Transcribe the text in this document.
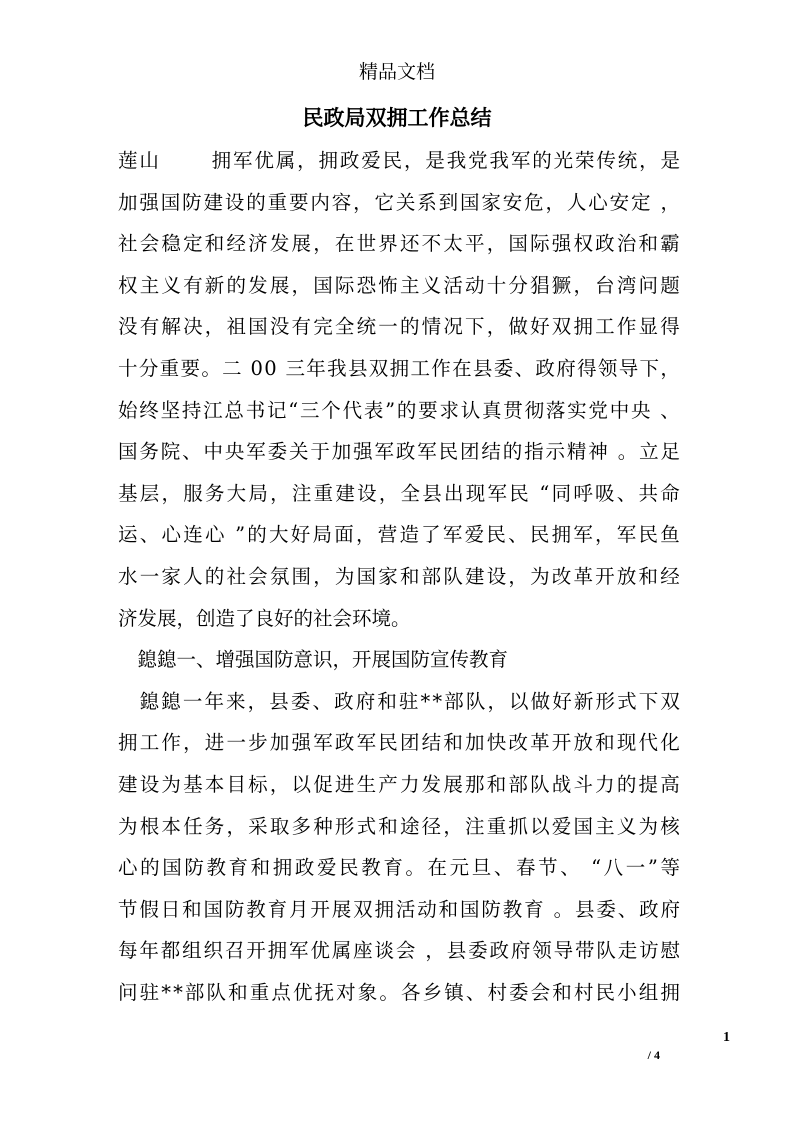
精品文档
民政局双拥工作总结
莲 山

	拥 军 优 属 ， 拥 政 爱 民 ， 是 我 党 我 军 的 光 荣 传 统 ， 是
加 强 国 防 建 设 的 重 要 内 容 ， 它 关 系 到 国 家 安 危 ， 人 心 安 定
，
社 会 稳 定 和 经 济 发 展 ， 在 世 界 还 不 太 平 ， 国 际 强 权 政 治 和 霸
权 主 义 有 新 的 发 展 ， 国 际 恐 怖 主 义 活 动 十 分 猖 獗 ， 台 湾 问 题
没 有 解 决 ， 祖 国 没 有 完 全 统 一 的 情 况 下 ， 做 好 双 拥 工 作 显 得
十 分 重 要 。 二
0 0
三 年 我 县 双 拥 工 作 在 县 委 、 政 府 得 领 导 下 ，
始 终 坚 持 江 总 书 记 “ 三 个 代 表 ” 的 要 求 认 真 贯 彻 落 实 党 中 央
、
国 务 院 、 中 央 军 委 关 于 加 强 军 政 军 民 团 结 的 指 示 精 神
。 立 足
基 层 ， 服 务 大 局 ， 注 重 建 设 ， 全 县 出 现 军 民
“ 同 呼 吸 、 共 命
运 、 心 连 心
” 的 大 好 局 面 ， 营 造 了 军 爱 民 、 民 拥 军 ， 军 民 鱼
水 一 家 人 的 社 会 氛 围 ， 为 国 家 和 部 队 建 设 ， 为 改 革 开 放 和 经
济发展，创造了良好的社会环境。
　鎴鎴一、增强国防意识，开展国防宣传教育

鎴 鎴 一 年 来 ， 县 委 、 政 府 和 驻 * * 部 队 ， 以 做 好 新 形 式 下 双
拥 工 作 ， 进 一 步 加 强 军 政 军 民 团 结 和 加 快 改 革 开 放 和 现 代 化
建 设 为 基 本 目 标 ， 以 促 进 生 产 力 发 展 那 和 部 队 战 斗 力 的 提 高
为 根 本 任 务 ， 采 取 多 种 形 式 和 途 径 ， 注 重 抓 以 爱 国 主 义 为 核
心 的 国 防 教 育 和 拥 政 爱 民 教 育 。 在 元 旦 、 春 节 、
“ 八 一 ” 等
节 假 日 和 国 防 教 育 月 开 展 双 拥 活 动 和 国 防 教 育
。 县 委 、 政 府
每 年 都 组 织 召 开 拥 军 优 属 座 谈 会
， 县 委 政 府 领 导 带 队 走 访 慰
问 驻 * * 部 队 和 重 点 优 抚 对 象 。 各 乡 镇 、 村 委 会 和 村 民 小 组 拥
1
/ 4
